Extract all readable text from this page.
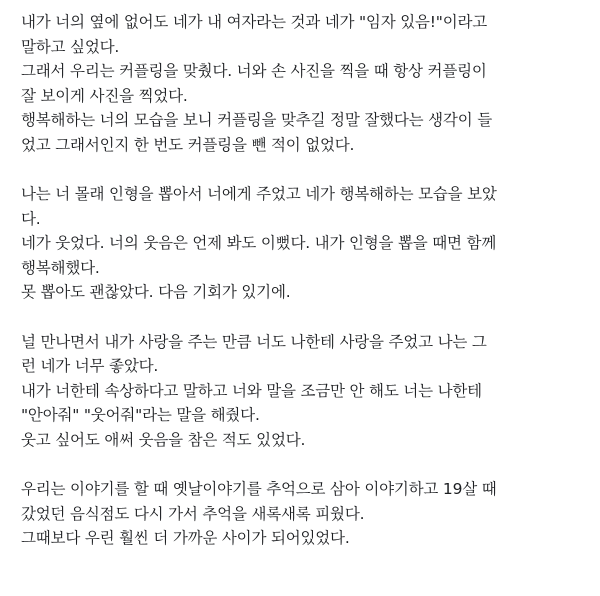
내가 너의 옆에 없어도 네가 내 여자라는 것과 네가 "임자 있음!"이라고
말하고 싶었다.
그래서 우리는 커플링을 맞췄다. 너와 손 사진을 찍을 때 항상 커플링이
잘 보이게 사진을 찍었다.
행복해하는 너의 모습을 보니 커플링을 맞추길 정말 잘했다는 생각이 들
었고 그래서인지 한 번도 커플링을 뺀 적이 없었다.
나는 너 몰래 인형을 뽑아서 너에게 주었고 네가 행복해하는 모습을 보았
다.
네가 웃었다. 너의 웃음은 언제 봐도 이뻤다. 내가 인형을 뽑을 때면 함께
행복해했다.
못 뽑아도 괜찮았다. 다음 기회가 있기에.
널 만나면서 내가 사랑을 주는 만큼 너도 나한테 사랑을 주었고 나는 그
런 네가 너무 좋았다.
내가 너한테 속상하다고 말하고 너와 말을 조금만 안 해도 너는 나한테
"안아줘" "웃어줘"라는 말을 해줬다.
웃고 싶어도 애써 웃음을 참은 적도 있었다.
우리는 이야기를 할 때 옛날이야기를 추억으로 삼아 이야기하고 19살 때
갔었던 음식점도 다시 가서 추억을 새록새록 피웠다.
그때보다 우린 훨씬 더 가까운 사이가 되어있었다.
